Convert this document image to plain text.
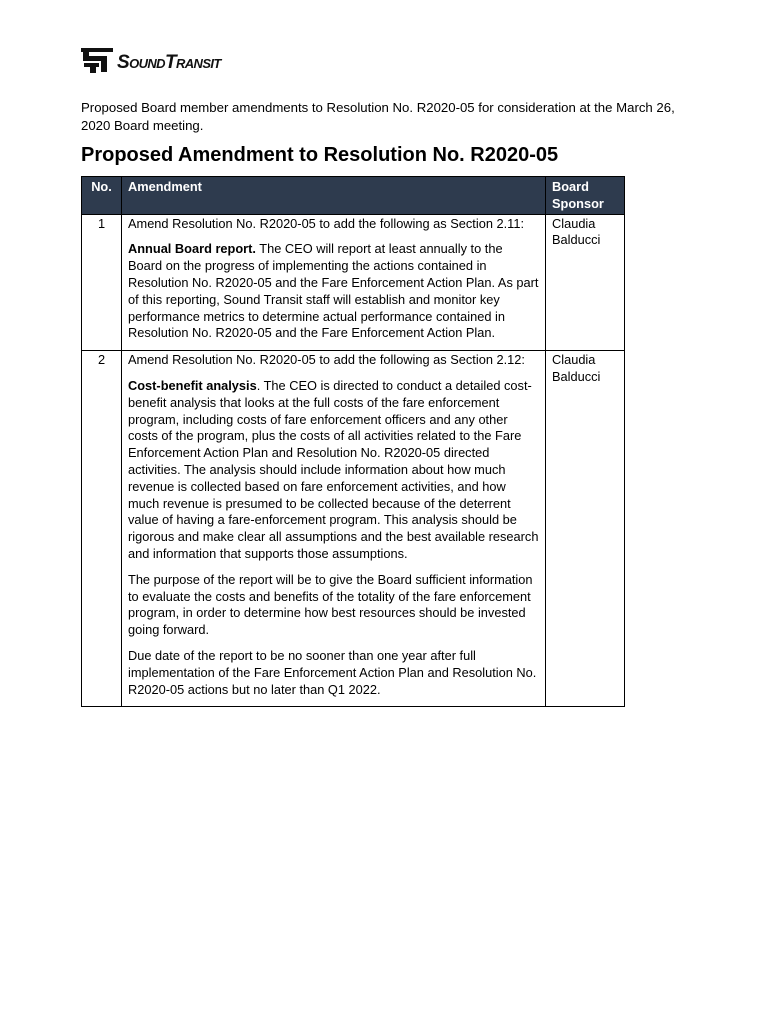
SoundTransit
Proposed Board member amendments to Resolution No. R2020-05 for consideration at the March 26, 2020 Board meeting.
Proposed Amendment to Resolution No. R2020-05
No.	Amendment	Board Sponsor
1	Amend Resolution No. R2020-05 to add the following as Section 2.11:

Annual Board report. The CEO will report at least annually to the Board on the progress of implementing the actions contained in Resolution No. R2020-05 and the Fare Enforcement Action Plan. As part of this reporting, Sound Transit staff will establish and monitor key performance metrics to determine actual performance contained in Resolution No. R2020-05 and the Fare Enforcement Action Plan.	Claudia Balducci
2	Amend Resolution No. R2020-05 to add the following as Section 2.12:

Cost-benefit analysis. The CEO is directed to conduct a detailed cost-benefit analysis that looks at the full costs of the fare enforcement program, including costs of fare enforcement officers and any other costs of the program, plus the costs of all activities related to the Fare Enforcement Action Plan and Resolution No. R2020-05 directed activities. The analysis should include information about how much revenue is collected based on fare enforcement activities, and how much revenue is presumed to be collected because of the deterrent value of having a fare-enforcement program. This analysis should be rigorous and make clear all assumptions and the best available research and information that supports those assumptions.

The purpose of the report will be to give the Board sufficient information to evaluate the costs and benefits of the totality of the fare enforcement program, in order to determine how best resources should be invested going forward.

Due date of the report to be no sooner than one year after full implementation of the Fare Enforcement Action Plan and Resolution No. R2020-05 actions but no later than Q1 2022.	Claudia Balducci
